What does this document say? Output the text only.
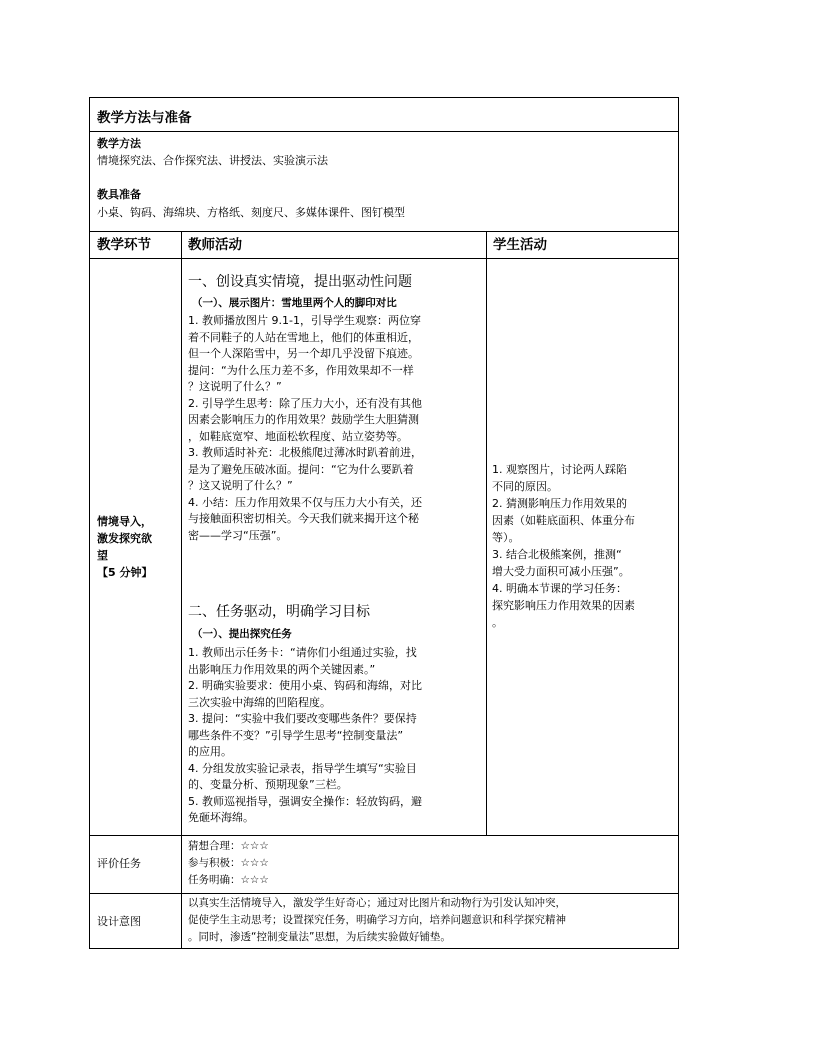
教学方法与准备
教学方法
情境探究法、合作探究法、讲授法、实验演示法
教具准备
小桌、钩码、海绵块、方格纸、刻度尺、多媒体课件、图钉模型
教学环节	教师活动	学生活动
情境导入，
激发探究欲
望
【5 分钟】
一、创设真实情境，提出驱动性问题
（一）、展示图片：雪地里两个人的脚印对比
1. 教师播放图片 9.1-1，引导学生观察：两位穿
着不同鞋子的人站在雪地上，他们的体重相近，
但一个人深陷雪中，另一个却几乎没留下痕迹。
提问：“为什么压力差不多，作用效果却不一样
？这说明了什么？”
2. 引导学生思考：除了压力大小，还有没有其他
因素会影响压力的作用效果？鼓励学生大胆猜测
，如鞋底宽窄、地面松软程度、站立姿势等。
3. 教师适时补充：北极熊爬过薄冰时趴着前进，
是为了避免压破冰面。提问：“它为什么要趴着
？这又说明了什么？”
4. 小结：压力作用效果不仅与压力大小有关，还
与接触面积密切相关。今天我们就来揭开这个秘
密——学习“压强”。
二、任务驱动，明确学习目标
（一）、提出探究任务
1. 教师出示任务卡：“请你们小组通过实验，找
出影响压力作用效果的两个关键因素。”
2. 明确实验要求：使用小桌、钩码和海绵，对比
三次实验中海绵的凹陷程度。
3. 提问：“实验中我们要改变哪些条件？要保持
哪些条件不变？”引导学生思考“控制变量法”
的应用。
4. 分组发放实验记录表，指导学生填写“实验目
的、变量分析、预期现象”三栏。
5. 教师巡视指导，强调安全操作：轻放钩码，避
免砸坏海绵。
1. 观察图片，讨论两人踩陷
不同的原因。
2. 猜测影响压力作用效果的
因素（如鞋底面积、体重分布
等）。
3. 结合北极熊案例，推测“
增大受力面积可减小压强”。
4. 明确本节课的学习任务：
探究影响压力作用效果的因素
。
评价任务
猜想合理：☆☆☆
参与积极：☆☆☆
任务明确：☆☆☆
设计意图
以真实生活情境导入，激发学生好奇心；通过对比图片和动物行为引发认知冲突，
促使学生主动思考；设置探究任务，明确学习方向，培养问题意识和科学探究精神
。同时，渗透“控制变量法”思想，为后续实验做好铺垫。
